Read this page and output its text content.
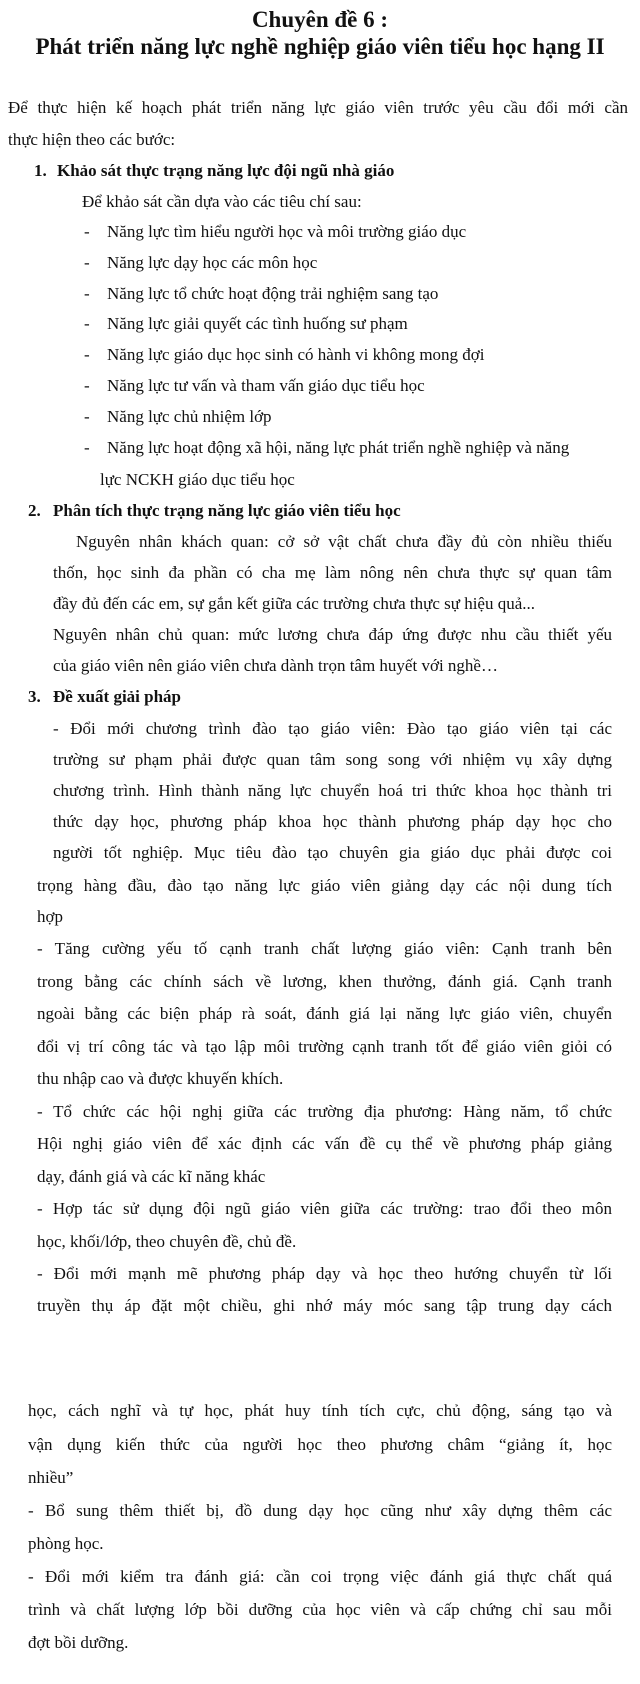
Chuyên đề 6 :
Phát triển năng lực nghề nghiệp giáo viên tiểu học hạng II
Để thực hiện kế hoạch phát triển năng lực giáo viên trước yêu cầu đổi mới cần
thực hiện theo các bước:
1. Khảo sát thực trạng năng lực đội ngũ nhà giáo
Để khảo sát cần dựa vào các tiêu chí sau:
- Năng lực tìm hiểu người học và môi trường giáo dục
- Năng lực dạy học các môn học
- Năng lực tổ chức hoạt động trải nghiệm sang tạo
- Năng lực giải quyết các tình huống sư phạm
- Năng lực giáo dục học sinh có hành vi không mong đợi
- Năng lực tư vấn và tham vấn giáo dục tiểu học
- Năng lực chủ nhiệm lớp
- Năng lực hoạt động xã hội, năng lực phát triển nghề nghiệp và năng
lực NCKH giáo dục tiểu học
2. Phân tích thực trạng năng lực giáo viên tiểu học
Nguyên nhân khách quan: cở sở vật chất chưa đầy đủ còn nhiều thiếu
thốn, học sinh đa phần có cha mẹ làm nông nên chưa thực sự quan tâm
đầy đủ đến các em, sự gắn kết giữa các trường chưa thực sự hiệu quả...
Nguyên nhân chủ quan: mức lương chưa đáp ứng được nhu cầu thiết yếu
của giáo viên nên giáo viên chưa dành trọn tâm huyết với nghề…
3. Đề xuất giải pháp
- Đổi mới chương trình đào tạo giáo viên: Đào tạo giáo viên tại các
trường sư phạm phải được quan tâm song song với nhiệm vụ xây dựng
chương trình. Hình thành năng lực chuyển hoá tri thức khoa học thành tri
thức dạy học, phương pháp khoa học thành phương pháp dạy học cho
người tốt nghiệp. Mục tiêu đào tạo chuyên gia giáo dục phải được coi
trọng hàng đầu, đào tạo năng lực giáo viên giảng dạy các nội dung tích
hợp
- Tăng cường yếu tố cạnh tranh chất lượng giáo viên: Cạnh tranh bên
trong bằng các chính sách về lương, khen thưởng, đánh giá. Cạnh tranh
ngoài bằng các biện pháp rà soát, đánh giá lại năng lực giáo viên, chuyển
đổi vị trí công tác và tạo lập môi trường cạnh tranh tốt để giáo viên giỏi có
thu nhập cao và được khuyến khích.
- Tổ chức các hội nghị giữa các trường địa phương: Hàng năm, tổ chức
Hội nghị giáo viên để xác định các vấn đề cụ thể về phương pháp giảng
dạy, đánh giá và các kĩ năng khác
- Hợp tác sử dụng đội ngũ giáo viên giữa các trường: trao đổi theo môn
học, khối/lớp, theo chuyên đề, chủ đề.
- Đổi mới mạnh mẽ phương pháp dạy và học theo hướng chuyển từ lối
truyền thụ áp đặt một chiều, ghi nhớ máy móc sang tập trung dạy cách
học, cách nghĩ và tự học, phát huy tính tích cực, chủ động, sáng tạo và
vận dụng kiến thức của người học theo phương châm “giảng ít, học
nhiều”
- Bổ sung thêm thiết bị, đồ dung dạy học cũng như xây dựng thêm các
phòng học.
- Đổi mới kiểm tra đánh giá: cần coi trọng việc đánh giá thực chất quá
trình và chất lượng lớp bồi dưỡng của học viên và cấp chứng chỉ sau mỗi
đợt bồi dưỡng.
